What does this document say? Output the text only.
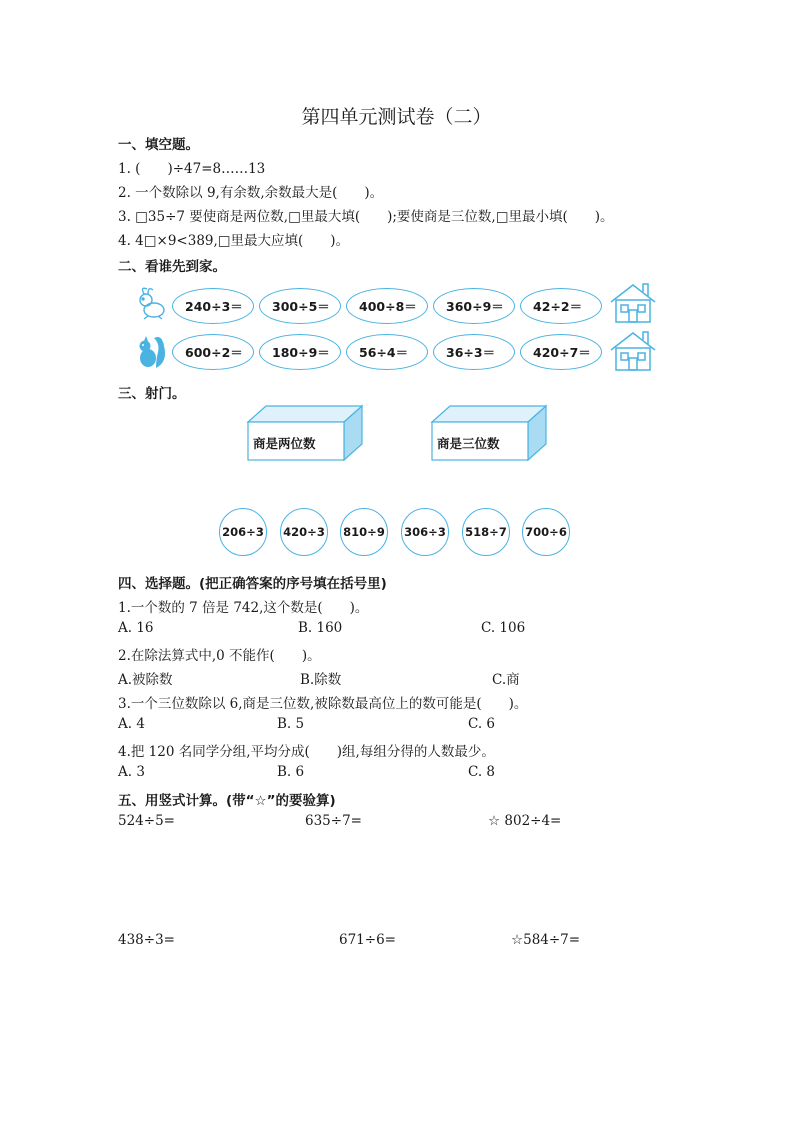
第四单元测试卷（二）
一、填空题。
1. (　　)÷47=8……13
2. 一个数除以 9,有余数,余数最大是(　　)。
3. □35÷7 要使商是两位数,□里最大填(　　);要使商是三位数,□里最小填(　　)。
4. 4□×9<389,□里最大应填(　　)。
二、看谁先到家。
240÷3＝	300÷5＝	400÷8＝	360÷9＝	42÷2＝
600÷2＝	180÷9＝	56÷4＝	36÷3＝	420÷7＝
三、射门。
商是两位数	商是三位数
206÷3 420÷3 810÷9 306÷3 518÷7 700÷6
四、选择题。(把正确答案的序号填在括号里)
1.一个数的 7 倍是 742,这个数是(　　)。
A. 16	B. 160	C. 106
2.在除法算式中,0 不能作(　　)。
A.被除数	B.除数	C.商
3.一个三位数除以 6,商是三位数,被除数最高位上的数可能是(　　)。
A. 4	B. 5	C. 6
4.把 120 名同学分组,平均分成(　　)组,每组分得的人数最少。
A. 3	B. 6	C. 8
五、用竖式计算。(带“☆”的要验算)
524÷5=	635÷7=	☆ 802÷4=
438÷3=	671÷6=	☆584÷7=
